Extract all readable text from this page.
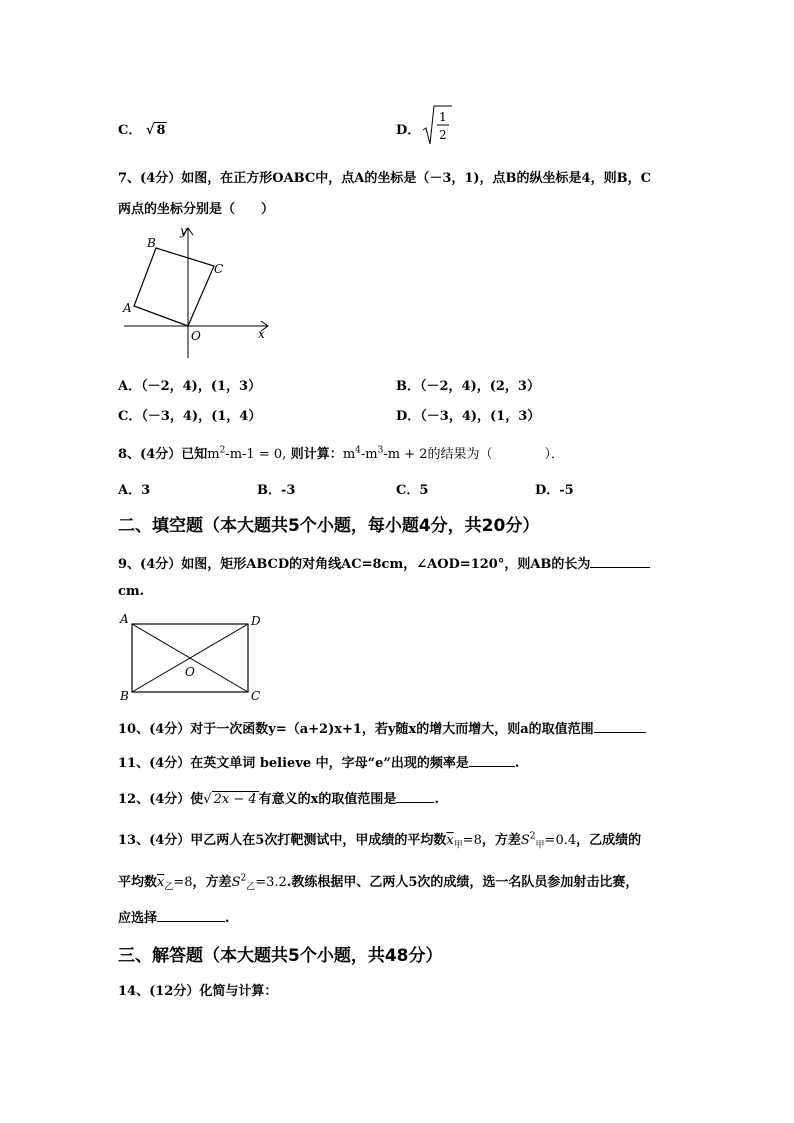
C． √ 8	D．
1
2
7、(4分）如图，在正方形OABC中，点A的坐标是（－3，1)，点B的纵坐标是4，则B，C
两点的坐标分别是（　　）
B
C
A
O	x
y
A．（－2，4)，(1，3）	B．（－2，4)，(2，3）
C．（－3，4)，(1，4）	D．（－3，4)，(1，3）
8、(4分）已知$m^2-m-1 = 0$, 则计算：$m^4-m^3-m + 2$的结果为（　　　　）．
A．3	B．-3	C．5	D．-5
二、填空题（本大题共5个小题，每小题4分，共20分）
9、(4分）如图，矩形ABCD的对角线AC=8cm，∠AOD=120°，则AB的长为
cm.
A	D
B	C
O
10、(4分）对于一次函数y=（a+2)x+1，若y随x的增大而增大，则a的取值范围
11、(4分）在英文单词 believe 中，字母“e”出现的频率是	.
12、(4分）使√ 2x − 4 有意义的x的取值范围是	.
13、(4分）甲乙两人在5次打靶测试中，甲成绩的平均数$\overline{x}_甲=8$，方差$S^2_甲=0.4$，乙成绩的
平均数$\overline{x}_乙=8$，方差$S^2_乙=3.2$.教练根据甲、乙两人5次的成绩，选一名队员参加射击比赛，
应选择	.
三、解答题（本大题共5个小题，共48分）
14、(12分）化简与计算：
